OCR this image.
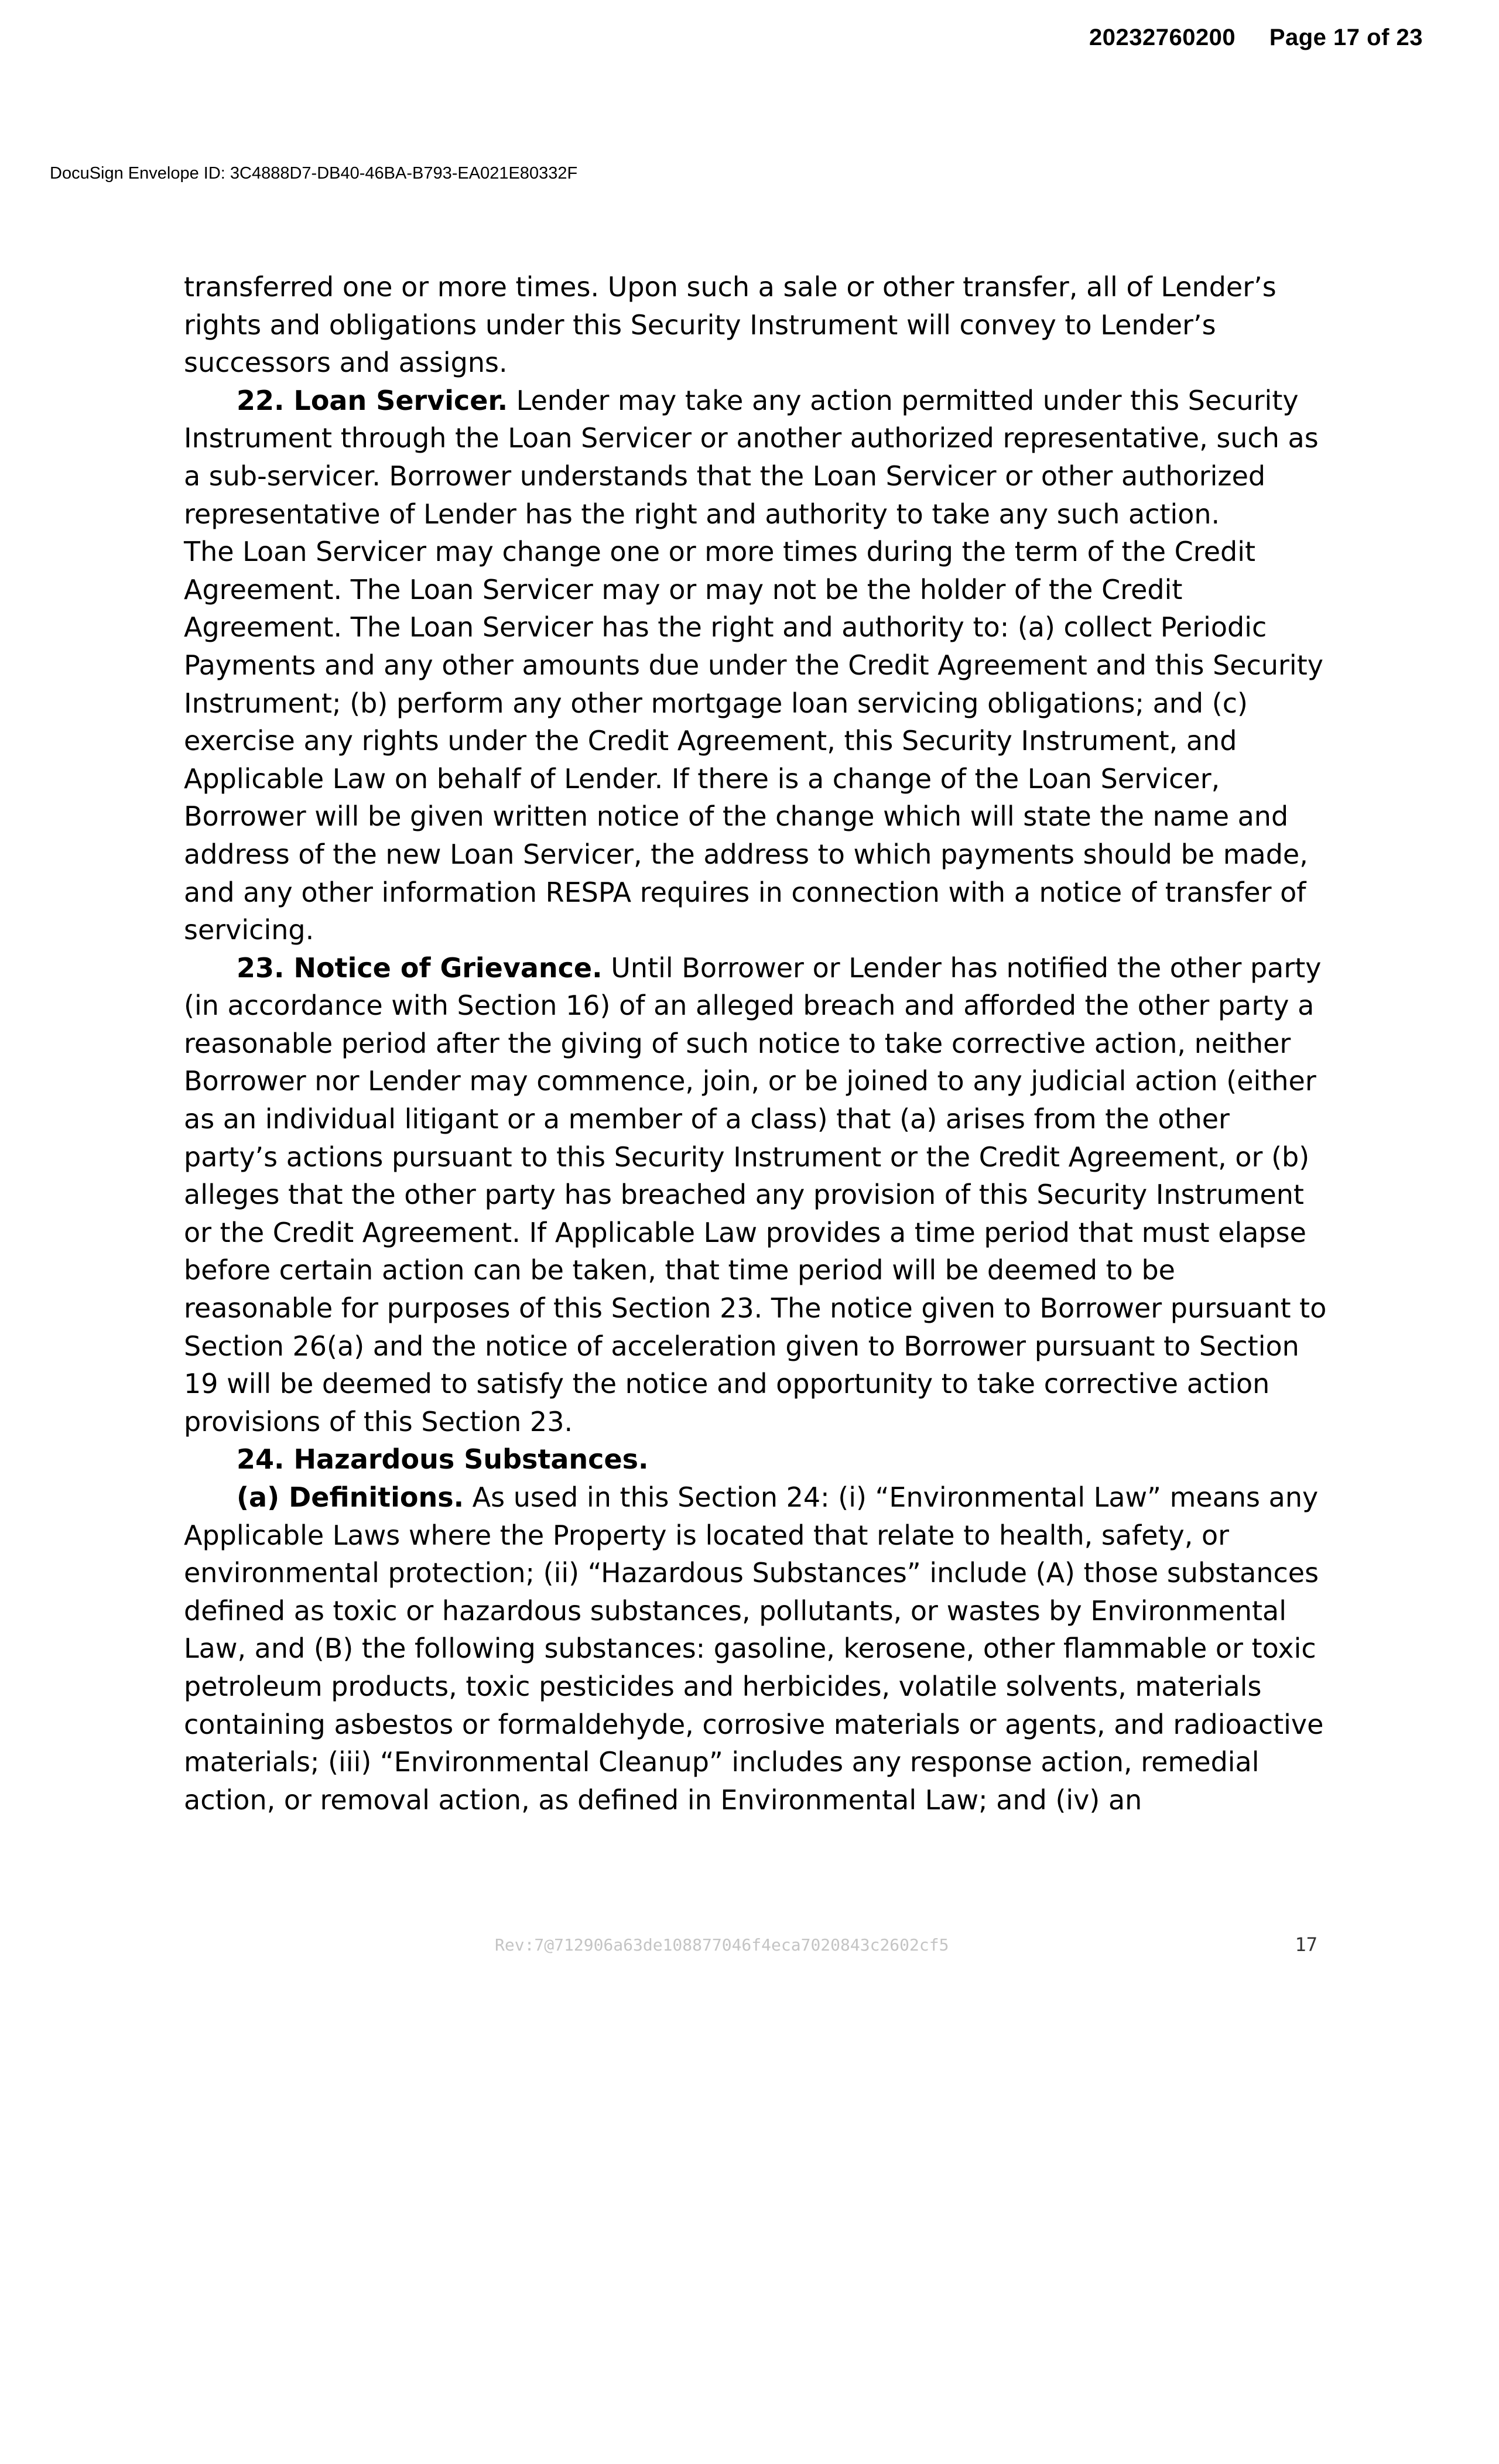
20232760200 Page 17 of 23
DocuSign Envelope ID: 3C4888D7-DB40-46BA-B793-EA021E80332F

transferred one or more times. Upon such a sale or other transfer, all of Lender’s rights and obligations under this Security Instrument will convey to Lender’s successors and assigns.

22. Loan Servicer. Lender may take any action permitted under this Security Instrument through the Loan Servicer or another authorized representative, such as a sub-servicer. Borrower understands that the Loan Servicer or other authorized representative of Lender has the right and authority to take any such action.

The Loan Servicer may change one or more times during the term of the Credit Agreement. The Loan Servicer may or may not be the holder of the Credit Agreement. The Loan Servicer has the right and authority to: (a) collect Periodic Payments and any other amounts due under the Credit Agreement and this Security Instrument; (b) perform any other mortgage loan servicing obligations; and (c) exercise any rights under the Credit Agreement, this Security Instrument, and Applicable Law on behalf of Lender. If there is a change of the Loan Servicer, Borrower will be given written notice of the change which will state the name and address of the new Loan Servicer, the address to which payments should be made, and any other information RESPA requires in connection with a notice of transfer of servicing.

23. Notice of Grievance. Until Borrower or Lender has notified the other party (in accordance with Section 16) of an alleged breach and afforded the other party a reasonable period after the giving of such notice to take corrective action, neither Borrower nor Lender may commence, join, or be joined to any judicial action (either as an individual litigant or a member of a class) that (a) arises from the other party’s actions pursuant to this Security Instrument or the Credit Agreement, or (b) alleges that the other party has breached any provision of this Security Instrument or the Credit Agreement. If Applicable Law provides a time period that must elapse before certain action can be taken, that time period will be deemed to be reasonable for purposes of this Section 23. The notice given to Borrower pursuant to Section 26(a) and the notice of acceleration given to Borrower pursuant to Section 19 will be deemed to satisfy the notice and opportunity to take corrective action provisions of this Section 23.

24. Hazardous Substances.

(a) Definitions. As used in this Section 24: (i) “Environmental Law” means any Applicable Laws where the Property is located that relate to health, safety, or environmental protection; (ii) “Hazardous Substances” include (A) those substances defined as toxic or hazardous substances, pollutants, or wastes by Environmental Law, and (B) the following substances: gasoline, kerosene, other flammable or toxic petroleum products, toxic pesticides and herbicides, volatile solvents, materials containing asbestos or formaldehyde, corrosive materials or agents, and radioactive materials; (iii) “Environmental Cleanup” includes any response action, remedial action, or removal action, as defined in Environmental Law; and (iv) an

Rev:7@712906a63de108877046f4eca7020843c2602cf5	17
